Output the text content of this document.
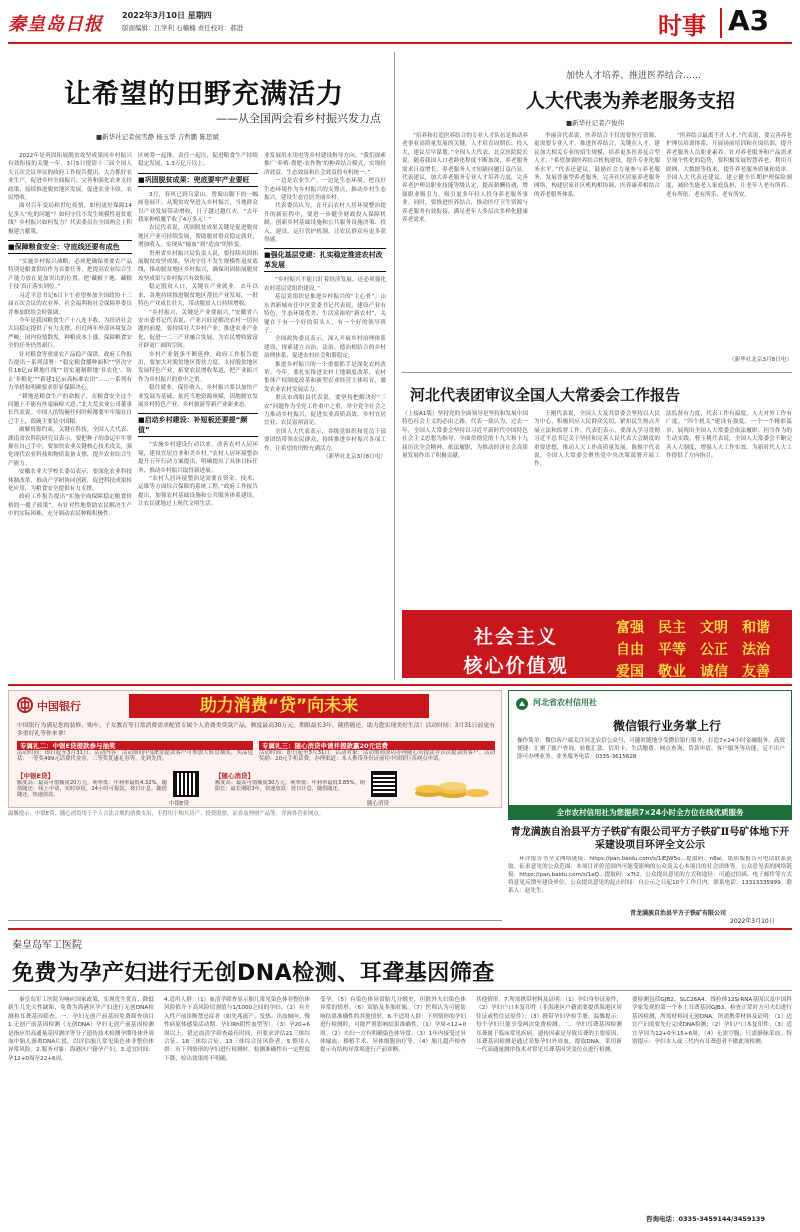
秦皇岛日报 2022年3月10日 星期四
版面编辑：江学利 石楠楠 责任校对：郝进	时事 A3
让希望的田野充满活力
——从全国两会看乡村振兴发力点
■新华社记者侯雪静 杨玉华 吉哲鹏 陈思斌

2022年是巩固拓展脱贫攻坚成果同乡村振兴有效衔接的关键一年。3月5日提请十三届全国人大五次会议审议的政府工作报告提出，大力抓好农业生产，促进乡村全面振兴；完善和强化农业支持政策，接续推进脱贫地区发展，促进农业丰收、农民增收。

面对百年变局和世纪疫情，如何更好保障14亿多人“吃的问题”？如何守住不发生规模性返贫底线？乡村振兴如何发力？代表委员在全国两会上积极建言献策。

■保障粮食安全：守底线还要有成色

“实施乡村振兴战略，必须把确保重要农产品特别是粮食供给作为首要任务，把提高农业综合生产能力放在更加突出的位置，把‘藏粮于地、藏粮于技’真正落实到位。”

习近平总书记6日下午看望参加全国政协十三届五次会议的农业界、社会福利和社会保障界委员并参加联组会时强调。

今年是我国粮食生产十八连丰收，为经济社会大局稳定提供了有力支撑。但近两年外部环境复杂严峻，国内疫情散发，种粮成本上涨，保障粮食安全的任务仍然艰巨。

针对粮食等重要农产品稳产保供，政府工作报告提出一系列部署：“稳定粮食播种面积”“坚决守住18亿亩耕地红线”“切实遏制耕地‘非农化’、防止‘非粮化’”“新建1亿亩高标准农田”……一系列有力举措和明确要求彰显保障决心。

“耕地是粮食生产的命根子，在粮食安全这个问题上不能有丝毫麻痹大意。”北大荒农业公司董事长代表说。中国人的饭碗任何时候都要牢牢端在自己手上，饭碗主要装中国粮。

破解资源约束，关键在科技。全国人大代表、湖南省农科院研究员表示，要把种子的命运牢牢掌握在自己手中，要加快农业关键核心技术攻关，强化现代农业科技和物质装备支撑，提升农业综合生产能力。

安徽农业大学校长委员表示，要深化农业科技体制改革，推动产学研协同创新，促进科技成果转化应用，为粮食安全提供有力支撑。

政府工作报告提出“实施全面保障稳定粮食价格的一揽子政策”，有针对性地帮助农民解决生产中的实际困难，充分调动农民种粮积极性。

区统筹一起推，责任一起压，促进粮食生产持续稳定发展，1.3万亿斤以上。

■巩固脱贫成果：兜底要牢产业要旺

3月，春风已到乌蒙山。曾蜀山脚下的一幅画卷展开。从脱贫攻坚进入乡村振兴，当地群众以产业发展带动增收，日子越过越红火。“去年我家种植魔芋收了4万多元！”

农民代表说，巩固脱贫成果关键是促进脱贫地区产业可持续发展，帮助脱贫群众稳定就业，增加收入，实现从“输血”到“造血”的转变。

贵州省乡村振兴局负责人说，要持续巩固拓展脱贫攻坚成果，坚决守住不发生规模性返贫底线，推动脱贫地区乡村振兴，确保巩固拓展脱贫攻坚成果与乡村振兴有效衔接。

稳定脱贫人口，关键在产业就业。去年以来，各地持续推进脱贫地区帮扶产业发展，一批特色产业成长壮大，带动脱贫人口持续增收。

“乡村振兴，关键是产业要振兴。”安徽省六安市委书记代表说，产业兴旺是解决农村一切问题的前提，要持续壮大乡村产业，推进农业产业化，促进一二三产业融合发展，为农民增收致富开辟更广阔的空间。

乡村产业链条不断延伸，政府工作报告提出，要加大对脱贫地区帮扶力度，支持脱贫地区发展特色产业，拓宽农民增收渠道，把产业振兴作为乡村振兴的重中之重。

稳住就业，保住收入。乡村振兴要以加快产业发展为基础，依托当地资源禀赋，因地制宜发展乡村特色产业、乡村旅游等新产业新业态。

■启动乡村建设：补短板还要提“颜值”

“实施乡村建设行动以来，改善农村人居环境，建设宜居宜业和美乡村。”农村人居环境整治提升五年行动方案提出，明确提出了具体目标任务，推动乡村振兴取得新进展。

“农村人居环境整治是需要在资金、技术、运维等方面综合保障的系统工程。”政府工作报告提出，加强农村基础设施和公共服务体系建设，让农民就地过上现代文明生活。

业发展用水用电等乡村建设指导方向。“我们探索推广‘养殖-粪肥-农作物’的种养结合模式，实现经济效益、生态效益和社会效益的有机统一。”

一边是农业生产，一边是生态环境。把良好生态环境作为乡村振兴的支撑点，推动乡村生态振兴，建设生态宜居美丽乡村。

代表委员认为，在开启农村人居环境整治提升的新征程中，要进一步健全财政投入保障机制，创新乡村基础设施和公共服务设施决策、投入、建设、运行管护机制，让农民群众有更多获得感。

■强化基层党建：扎实稳定推进农村改革发展

“乡村振兴不能只盯着经济发展，还必须强化农村基层党组织建设。”

基层党组织是推进乡村振兴的“主心骨”。山东省新城市任中区党委书记代表说，建设产业有特色、生态环境优美、生活富裕的“新农村”，关键在于有一个好的带头人，有一个好的领导班子。

全国政协委员表示，深入开展乡村治理体系建设，探索建立自治、法治、德治相结合的乡村治理体系，促进农村社会和谐稳定。

推进乡村振兴的一个重要抓手是深化农村改革。今年，要扎实推进农村土地制度改革、农村集体产权制度改革和新型农业经营主体培育，激发农业农村发展活力。

重庆市酉阳县代表说，要坚持把解决好“三农”问题作为全党工作重中之重，举全党全社会之力推动乡村振兴，促进农业高质高效、乡村宜居宜业、农民富裕富足。

全国人大代表表示，各级党组织和党员干部要团结带领农民群众，持续推进乡村振兴各项工作，让希望的田野充满活力。

（新华社北京3月8日电）

加快人才培养、推进医养结合……
人大代表为养老服务支招
■新华社记者卢俊伟
“培养和打造医养结合的专业人才队伍是推动养老事业高质量发展的关键，人才培育周期长、投入大，建议尽早谋划。”全国人大代表、北京医院院长说。随着我国人口老龄化程度不断加深，养老服务需求日益增长，养老服务人才短缺问题日益凸显。代表建议，加大养老服务专业人才培养力度，完善养老护理员职业技能等级认定，提高薪酬待遇，增强职业吸引力，吸引更多年轻人投身养老服务事业。同时，要推进医养结合，推动医疗卫生资源与养老服务有效衔接，满足老年人多层次多样化健康养老需求。
李丽音代表说，医养结合不仅需要医疗资源，更需要专业人才。推进医养结合，关键在人才。建议加大相关专业的招生规模，培养更多医养复合型人才。“希望加强医养结合机构建设，提升专业化服务水平。”代表还建议，鼓励社会力量参与养老服务，发展普惠型养老服务，完善社区居家养老服务网络，构建居家社区机构相协调、医养康养相结合的养老服务体系。
“医养结合最离不开人才。”代表说，要完善养老护理员培训体系，开展岗前培训和在岗培训，提升养老服务人员职业素养。针对养老服务和产品需求呈现个性化的趋势，要积极发展智慧养老，利用互联网、大数据等技术，提升养老服务质量和效率。全国人大代表还建议，建立健全长期护理保险制度，减轻失能老人家庭负担，让老年人老有所养、老有所依、老有所乐、老有所安。
（新华社北京3月8日电）
河北代表团审议全国人大常委会工作报告
（上接A1版）坚持党的全面领导是坚持和发展中国特色社会主义的必由之路。代表一致认为，过去一年，全国人大常委会坚持以习近平新时代中国特色社会主义思想为指导，全面贯彻党的十九大和十九届历次全会精神，依法履职，为推动经济社会高质量发展作出了积极贡献。
王刚代表说，全国人大及其常委会坚持以人民为中心，积极回应人民群众关切，紧扣民生热点开展立法和监督工作。代表们表示，要深入学习贯彻习近平总书记关于坚持和完善人民代表大会制度的重要思想，推动人大工作高质量发展。陈焕宇代表说，全国人大常委会聚焦党中央决策部署开展工作。
法监督有力度，代表工作有温度。人大对外工作有广度。“四个机关”建设有强度。一个一个精彩篇章，展现出全国人大常委会依法履职、担当作为的生动实践。曹玉桃代表说，全国人大常委会不断完善人大制度，增强人大工作实效，为新时代人大工作提供了方向指引。
社会主义
核心价值观
富强	民主	文明	和谐
自由	平等	公正	法治
爱国	敬业	诚信	友善
中国银行	助力消费“贷”向未来
中国银行为满足您的装修、购车、子女教育等日常消费需求配置专属个人消费类贷款产品，额度最高30万元，期限最长3年，随借随还，助力您实现美好生活！活动时间：3月31日前更有多重好礼等你来拿！
专属礼二：中银E贷提款参与抽奖
活动时间：即日起至3月31日。活动内容：活动期间中银E贷提款客户可参加大转盘抽奖，奖品包括：一等奖499元话费代金券，二等奖优惠礼券等，先到先得。
专属礼三：随心消贷申请并提款赢20元话费
活动时间：即日起至3月31日。活动对象：活动期间成功办理随心贷提款并首次提款的客户。活动奖励：20元手机话费。办理渠道：本人携带身份证前往中国银行各网点申请。
【中银E贷】
额度高：最高可借额度20万元。利率低：年利率最低4.32%。随借随还：线上申请，实时审批，24小时可提款，按日计息，随借随还，快速放款。
中银E贷
【随心消贷】
额度高：最高可借额度30万元。利率低：年利率最低3.85%。期限长：最长期限3年。快速放款：按日计息，随借随还。
随心消贷
温馨提示：中银E贷、随心消贷用于个人合法合规的消费支出，不得用于购买房产、投资股票、证券及理财产品等。详询各营业网点。
河北省农村信用社
微信银行业务掌上行
操作简单：微信客户端关注河北农信公众号，可随时随地享受微信银行服务，打造7×24小时金融服务。高效便捷：汇聚了账户查询、转账汇款、信用卡、生活缴费、网点查询、贷款申请、客户服务等功能，足不出户即可办理业务。业务服务电话：0335-3615628
全市农村信用社为您提供7×24小时全方位在线优质服务
青龙满族自治县平方子铁矿有限公司平方子铁矿Ⅱ号矿体地下开采建设项目环评全文公示
环评报告书全文网络链接：https://pan.baidu.com/s/1lEJW5o...提取码：n8ai。纸质版报告可电话联系获取。征求意见的公众范围：本项目评价范围内可能受影响的公众及关心本项目的社会团体等。公众意见表的网络链接：https://pan.baidu.com/s/1eQ...提取码：x7t2。公众提出意见的方式和途径：可通过信函、电子邮件等方式将意见反馈至建设单位。公众提出意见的起止时间：自公示之日起10个工作日内。联系电话：13313335999。联系人：赵先生。
青龙满族自治县平方子铁矿有限公司
2022年3月10日
秦皇岛军工医院
免费为孕产妇进行无创DNA检测、耳聋基因筛查
秦皇岛军工医院为响应国家政策，实现优生优育，降低新生儿先天性缺陷，免费为海港区孕产妇进行无创DNA检测和耳聋基因筛查。一、孕妇无创产前基因免费筛查项目 1.无创产前基因检测（无创DNA）孕妇无创产前基因检测是指应用高通量基因测序等分子遗传技术检测孕期母体外周血中胎儿游离DNA片段，以评估胎儿常见染色体非整倍体异常风险。2.服务对象：海港区户籍孕产妇。3.适宜时间：孕12+0周至22+6周。
4.适用人群：（1）血清学筛查显示胎儿常见染色体非整倍体风险值介于高风险切割值与1/1000之间的孕妇。（2）有介入性产前诊断禁忌症者（如先兆流产、发热、出血倾向、慢性病原体感染活动期、孕妇Rh阴性血型等）。（3）孕20+6周以上，错过血清学筛查最佳时间，但要求评估21三体综合征、18三体综合征、13三体综合征风险者。5.慎用人群：有下列情形的孕妇进行检测时，检测准确性有一定程度下降，检出效果尚不明确。
受孕。（5）有染色体异常胎儿分娩史，但除外夫妇染色体异常的情形。（6）双胎及多胎妊娠。（7）医师认为可能影响结果准确性的其他情形。6.不适用人群：下列情形的孕妇进行检测时，可能严重影响结果准确性。（1）孕周<12+0周。（2）夫妇一方有明确染色体异常。（3）1年内接受过异体输血、移植手术、异体细胞治疗等。（4）胎儿超声检查提示有结构异常须进行产前诊断。
其他情形。7.所需携带材料及证明：（1）孕妇身份证原件；（2）孕妇户口本复印件（非海港区户籍需要提供海港区居住证或暂住证原件）；（3）携带孕妇孕检手册。温馨提示：每个孕妇只能享受两次免费检测。二、孕妇耳聋基因检测 耳聋属于临床常见疾病，遗传因素是导致耳聋的主要原因，耳聋基因检测是通过采集孕妇外周血，提取DNA，采用新一代高通量测序技术对常见耳聋基因突变位点进行检测。
要检测包括GJB2、SLC26A4、线粒体12SrRNA基因以及中国科学家发现的第一个本土耳聋基因GJB3，检查正常时方可夫妇进行基因检测，所需材料同无创DNA。所需携带材料及证明：（1）适宜产妇需要先行完成DNA检测；（2）孕妇户口本复印件；（3）适宜孕周为12+0至15+6周。（4）无需空腹，只需静脉采血。特别提示：孕妇本人或三代内有耳聋患者不做此项检测。
咨询电话：0335-3459144/3459139
